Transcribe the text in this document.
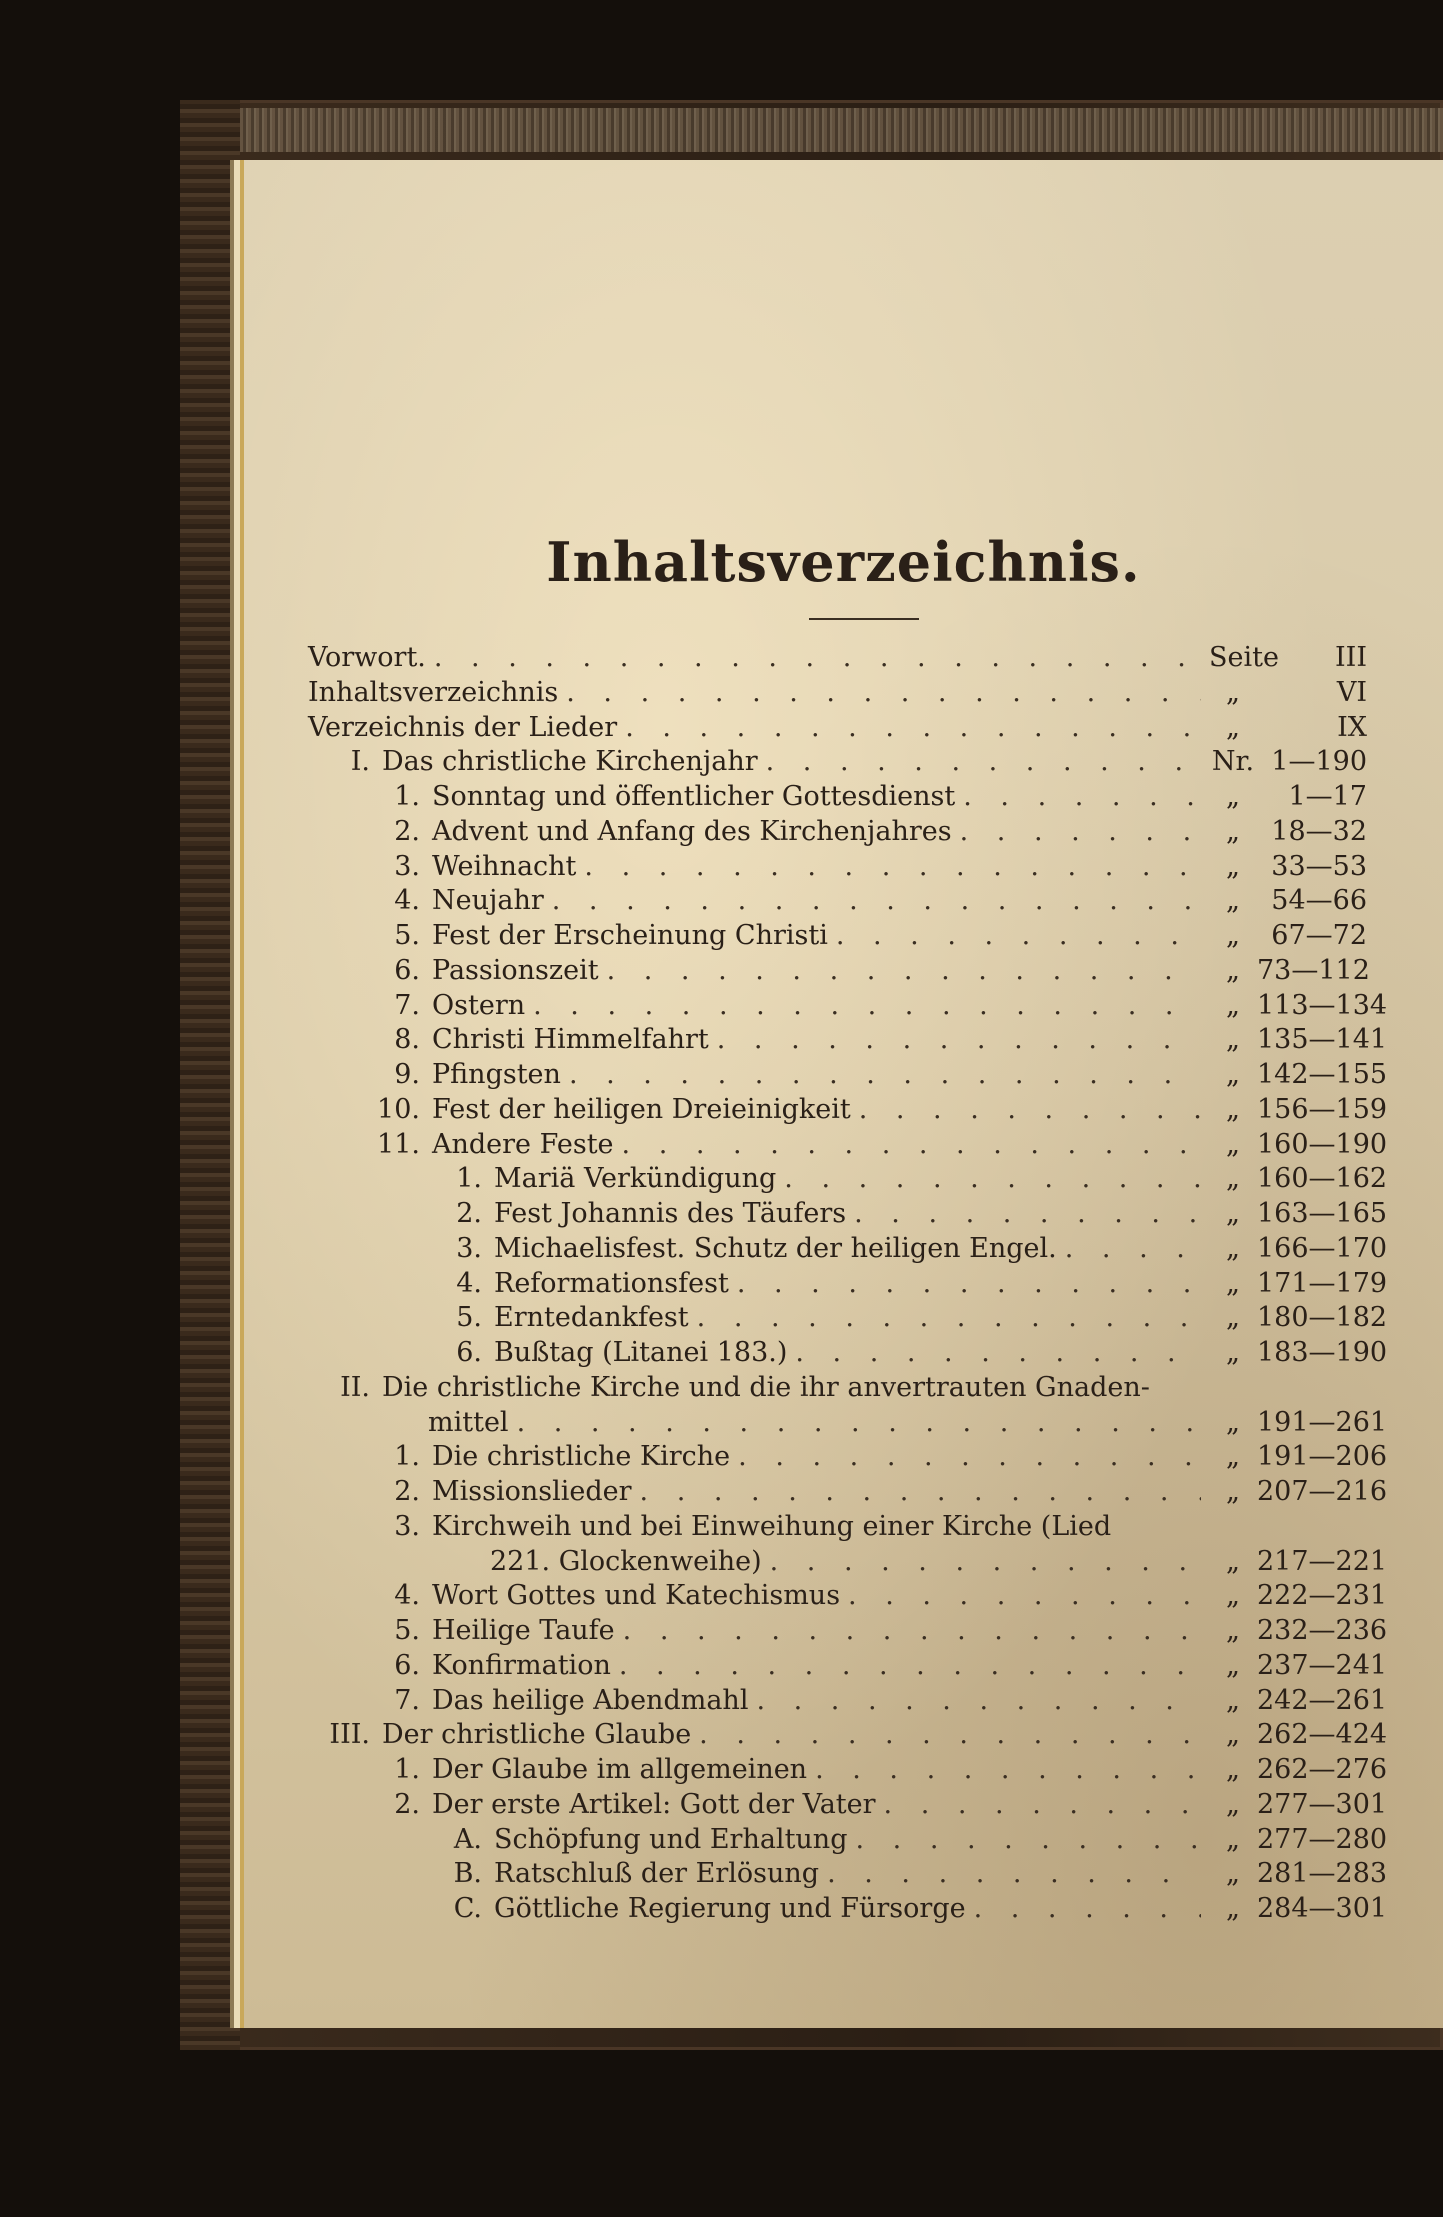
Inhaltsverzeichnis.
Vorwort. . . .	Seite	III
Inhaltsverzeichnis . . .	„	VI
Verzeichnis der Lieder . . .	„	IX
I. Das christliche Kirchenjahr . . .	Nr. 1—190
1. Sonntag und öffentlicher Gottesdienst . . .	„	1—17
2. Advent und Anfang des Kirchenjahres . . .	„	18—32
3. Weihnacht . . .	„	33—53
4. Neujahr . . .	„	54—66
5. Fest der Erscheinung Christi . . .	„	67—72
6. Passionszeit . . .	„ 73—112
7. Ostern . . .	„ 113—134
8. Christi Himmelfahrt . . .	„ 135—141
9. Pfingsten . . .	„ 142—155
10. Fest der heiligen Dreieinigkeit . . .	„ 156—159
11. Andere Feste . . .	„ 160—190
1. Mariä Verkündigung . . .	„ 160—162
2. Fest Johannis des Täufers . . .	„ 163—165
3. Michaelisfest. Schutz der heiligen Engel. . . .	„ 166—170
4. Reformationsfest . . .	„ 171—179
5. Erntedankfest . . .	„ 180—182
6. Bußtag (Litanei 183.) . . .	„ 183—190
II. Die christliche Kirche und die ihr anvertrauten Gnaden-
mittel . . .	„ 191—261
1. Die christliche Kirche . . .	„ 191—206
2. Missionslieder . . .	„ 207—216
3. Kirchweih und bei Einweihung einer Kirche (Lied
221. Glockenweihe) . . .	„ 217—221
4. Wort Gottes und Katechismus . . .	„ 222—231
5. Heilige Taufe . . .	„ 232—236
6. Konfirmation . . .	„ 237—241
7. Das heilige Abendmahl . . .	„ 242—261
III. Der christliche Glaube . . .	„ 262—424
1. Der Glaube im allgemeinen . . .	„ 262—276
2. Der erste Artikel: Gott der Vater . . .	„ 277—301
A. Schöpfung und Erhaltung . . .	„ 277—280
B. Ratschluß der Erlösung . . .	„ 281—283
C. Göttliche Regierung und Fürsorge . . .	„ 284—301
